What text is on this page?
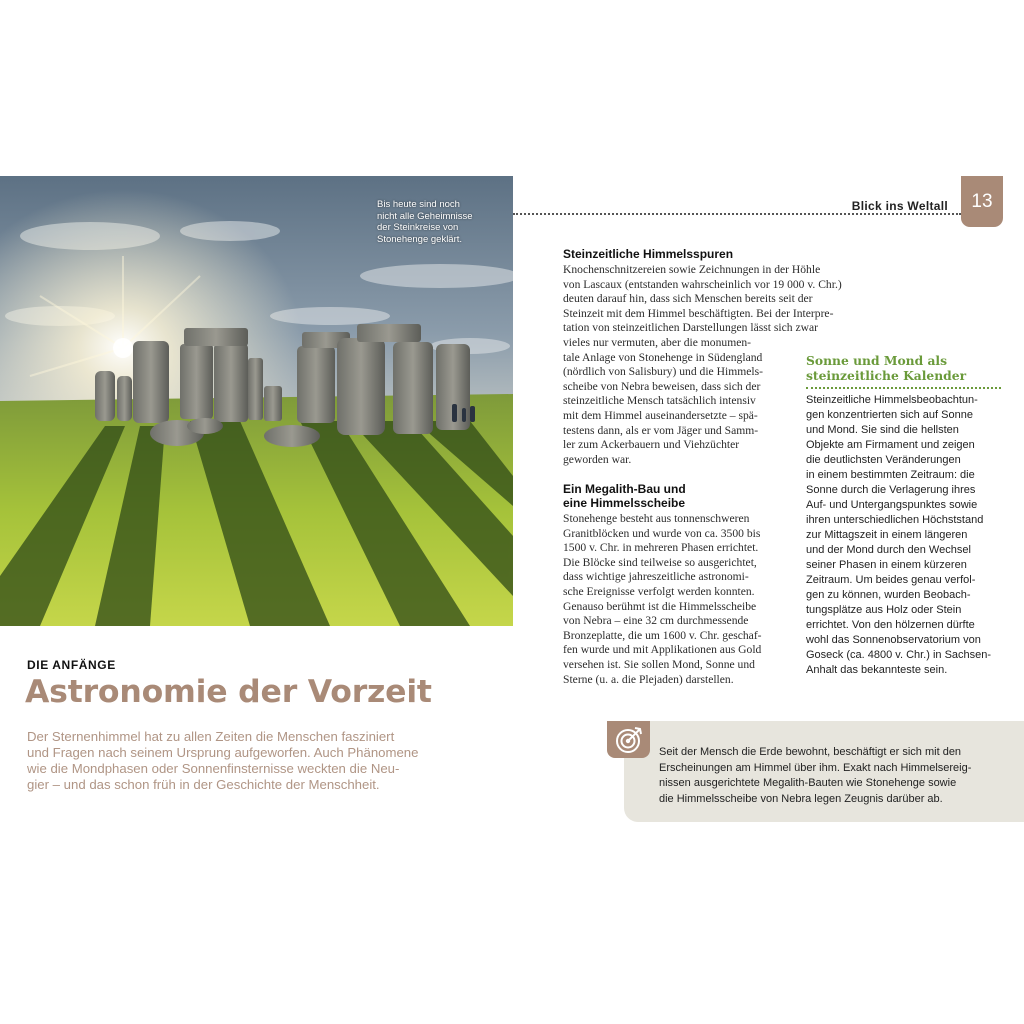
Bis heute sind noch
nicht alle Geheimnisse
der Steinkreise von
Stonehenge geklärt.
Blick ins Weltall	13
Steinzeitliche Himmelsspuren
Knochenschnitzereien sowie Zeichnungen in der Höhle
von Lascaux (entstanden wahrscheinlich vor 19 000 v. Chr.)
deuten darauf hin, dass sich Menschen bereits seit der
Steinzeit mit dem Himmel beschäftigten. Bei der Interpre-
tation von steinzeitlichen Darstellungen lässt sich zwar
vieles nur vermuten, aber die monumen-
tale Anlage von Stonehenge in Südengland
(nördlich von Salisbury) und die Himmels-
scheibe von Nebra beweisen, dass sich der
steinzeitliche Mensch tatsächlich intensiv
mit dem Himmel auseinandersetzte – spä-
testens dann, als er vom Jäger und Samm-
ler zum Ackerbauern und Viehzüchter
geworden war.
Ein Megalith-Bau und
eine Himmelsscheibe
Stonehenge besteht aus tonnenschweren
Granitblöcken und wurde von ca. 3500 bis
1500 v. Chr. in mehreren Phasen errichtet.
Die Blöcke sind teilweise so ausgerichtet,
dass wichtige jahreszeitliche astronomi-
sche Ereignisse verfolgt werden konnten.
Genauso berühmt ist die Himmelsscheibe
von Nebra – eine 32 cm durchmessende
Bronzeplatte, die um 1600 v. Chr. geschaf-
fen wurde und mit Applikationen aus Gold
versehen ist. Sie sollen Mond, Sonne und
Sterne (u. a. die Plejaden) darstellen.
Sonne und Mond als
steinzeitliche Kalender
Steinzeitliche Himmelsbeobachtun-
gen konzentrierten sich auf Sonne
und Mond. Sie sind die hellsten
Objekte am Firmament und zeigen
die deutlichsten Veränderungen
in einem bestimmten Zeitraum: die
Sonne durch die Verlagerung ihres
Auf- und Untergangspunktes sowie
ihren unterschiedlichen Höchststand
zur Mittagszeit in einem längeren
und der Mond durch den Wechsel
seiner Phasen in einem kürzeren
Zeitraum. Um beides genau verfol-
gen zu können, wurden Beobach-
tungsplätze aus Holz oder Stein
errichtet. Von den hölzernen dürfte
wohl das Sonnenobservatorium von
Goseck (ca. 4800 v. Chr.) in Sachsen-
Anhalt das bekannteste sein.
DIE ANFÄNGE
Astronomie der Vorzeit
Der Sternenhimmel hat zu allen Zeiten die Menschen fasziniert
und Fragen nach seinem Ursprung aufgeworfen. Auch Phänomene
wie die Mondphasen oder Sonnenfinsternisse weckten die Neu-
gier – und das schon früh in der Geschichte der Menschheit.
Seit der Mensch die Erde bewohnt, beschäftigt er sich mit den
Erscheinungen am Himmel über ihm. Exakt nach Himmelsereig-
nissen ausgerichtete Megalith-Bauten wie Stonehenge sowie
die Himmelsscheibe von Nebra legen Zeugnis darüber ab.
